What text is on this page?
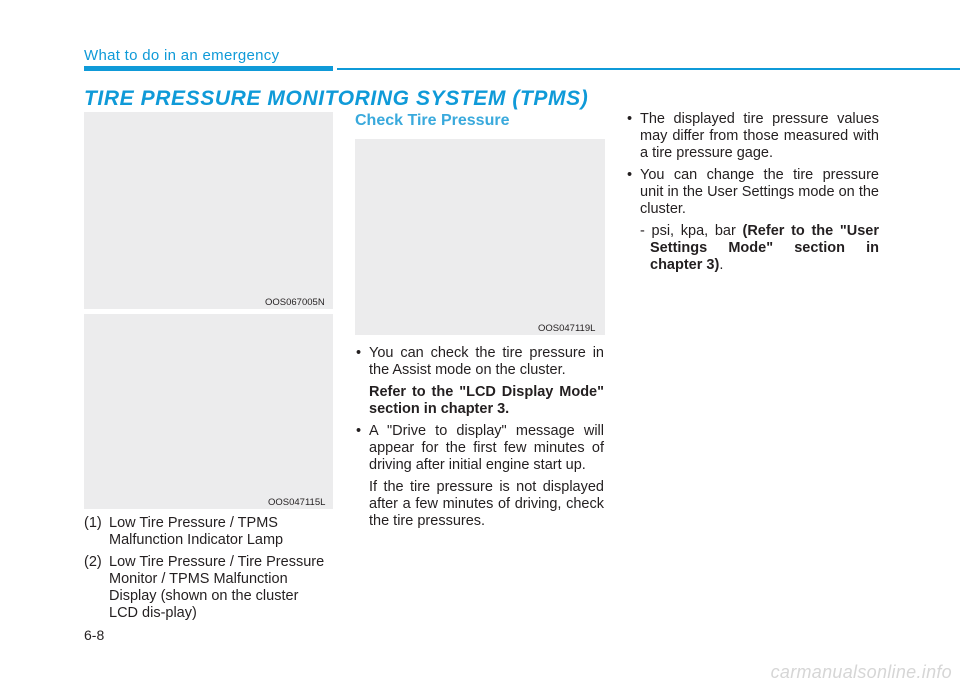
What to do in an emergency
TIRE PRESSURE MONITORING SYSTEM (TPMS)
OOS067005N
OOS047115L
(1) Low Tire Pressure / TPMS Malfunction Indicator Lamp
(2) Low Tire Pressure / Tire Pressure Monitor / TPMS Malfunction Display (shown on the cluster LCD dis-play)
Check Tire Pressure
OOS047119L
• You can check the tire pressure in the Assist mode on the cluster.
Refer to the "LCD Display Mode" section in chapter 3.
• A "Drive to display" message will appear for the first few minutes of driving after initial engine start up.
If the tire pressure is not displayed after a few minutes of driving, check the tire pressures.
• The displayed tire pressure values may differ from those measured with a tire pressure gage.
• You can change the tire pressure unit in the User Settings mode on the cluster.
- psi, kpa, bar (Refer to the "User Settings Mode" section in chapter 3).
6-8
carmanualsonline.info
